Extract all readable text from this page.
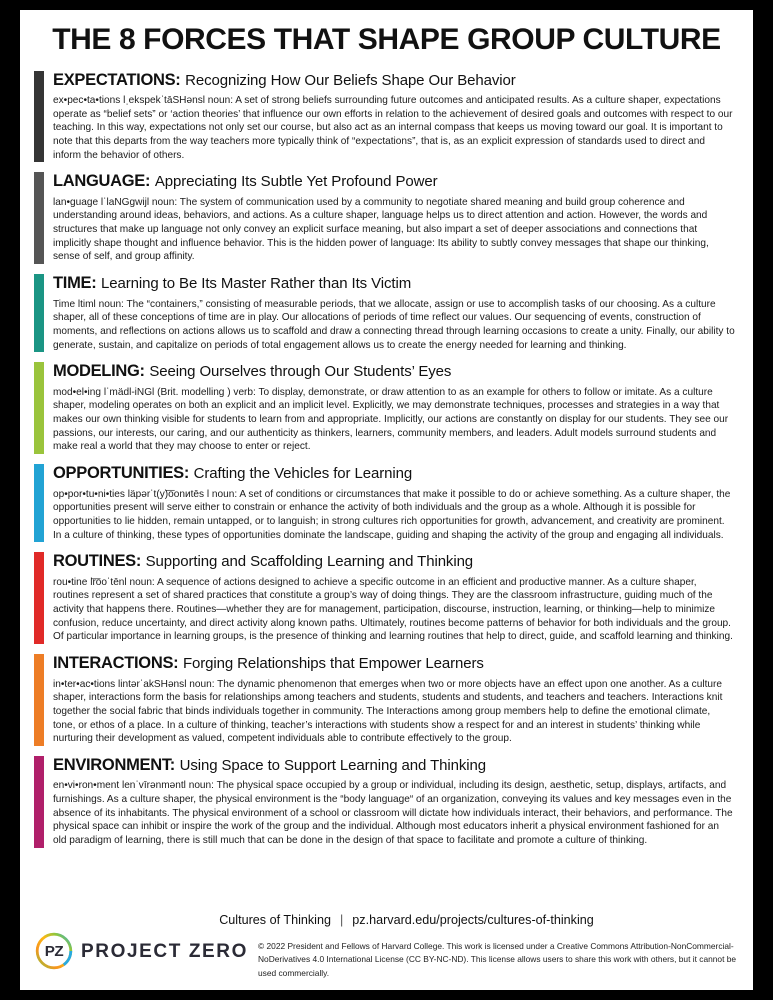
THE 8 FORCES THAT SHAPE GROUP CULTURE
EXPECTATIONS: Recognizing How Our Beliefs Shape Our Behavior

ex•pec•ta•tions lˌekspеkˈtāSHənsl noun: A set of strong beliefs surrounding future outcomes and anticipated results. As a culture shaper, expectations operate as “belief sets” or ‘action theories’ that influence our own efforts in relation to the achievement of desired goals and outcomes with respect to our teaching. In this way, expectations not only set our course, but also act as an internal compass that keeps us moving toward our goal. It is important to note that this departs from the way teachers more typically think of “expectations”, that is, as an explicit expression of standards used to direct and inform the behavior of others.

LANGUAGE: Appreciating Its Subtle Yet Profound Power

lan•guage lˈlaNGgwijl noun: The system of communication used by a community to negotiate shared meaning and build group coherence and understanding around ideas, behaviors, and actions. As a culture shaper, language helps us to direct attention and action. However, the words and structures that make up language not only convey an explicit surface meaning, but also impart a set of deeper associations and connections that implicitly shape thought and influence behavior. This is the hidden power of language: Its ability to subtly convey messages that shape our thinking, sense of self, and group affinity.

TIME: Learning to Be Its Master Rather than Its Victim

Time ltiml noun: The “containers,” consisting of measurable periods, that we allocate, assign or use to accomplish tasks of our choosing. As a culture shaper, all of these conceptions of time are in play. Our allocations of periods of time reflect our values. Our sequencing of events, construction of moments, and reflections on actions allows us to scaffold and draw a connecting thread through learning occasions to create a unity. Finally, our ability to generate, sustain, and capitalize on periods of total engagement allows us to create the energy needed for learning and thinking.

MODELING: Seeing Ourselves through Our Students’ Eyes

mod•el•ing lˈmädl-iNGl (Brit. modelling ) verb: To display, demonstrate, or draw attention to as an example for others to follow or imitate. As a culture shaper, modeling operates on both an explicit and an implicit level. Explicitly, we may demonstrate techniques, processes and strategies in a way that makes our own thinking visible for students to learn from and appropriate. Implicitly, our actions are constantly on display for our students. They see our passions, our interests, our caring, and our authenticity as thinkers, learners, community members, and leaders. Adult models surround students and make real a world that they may choose to enter or reject.

OPPORTUNITIES: Crafting the Vehicles for Learning

op•por•tu•ni•ties läpərˈt(y)͞ооnиtēs l noun: A set of conditions or circumstances that make it possible to do or achieve something. As a culture shaper, the opportunities present will serve either to constrain or enhance the activity of both individuals and the group as a whole. Although it is possible for opportunities to lie hidden, remain untapped, or to languish; in strong cultures rich opportunities for growth, advancement, and creativity are prominent. In a culture of thinking, these types of opportunities dominate the landscape, guiding and shaping the activity of the group and engaging all individuals.

ROUTINES: Supporting and Scaffolding Learning and Thinking

rou•tine lr͞ооˈtēnl noun: A sequence of actions designed to achieve a specific outcome in an efficient and productive manner. As a culture shaper, routines represent a set of shared practices that constitute a group’s way of doing things. They are the classroom infrastructure, guiding much of the activity that happens there. Routines—whether they are for management, participation, discourse, instruction, learning, or thinking—help to minimize confusion, reduce uncertainty, and direct activity along known paths. Ultimately, routines become patterns of behavior for both individuals and the group. Of particular importance in learning groups, is the presence of thinking and learning routines that help to direct, guide, and scaffold learning and thinking.

INTERACTIONS: Forging Relationships that Empower Learners

in•ter•ac•tions lintərˈakSHənsl noun: The dynamic phenomenon that emerges when two or more objects have an effect upon one another. As a culture shaper, interactions form the basis for relationships among teachers and students, students and students, and teachers and teachers. Interactions knit together the social fabric that binds individuals together in community. The Interactions among group members help to define the emotional climate, tone, or ethos of a place. In a culture of thinking, teacher’s interactions with students show a respect for and an interest in students’ thinking while nurturing their development as valued, competent individuals able to contribute effectively to the group.

ENVIRONMENT: Using Space to Support Learning and Thinking

en•vi•ron•ment lenˈvīrənməntl noun: The physical space occupied by a group or individual, including its design, aesthetic, setup, displays, artifacts, and furnishings. As a culture shaper, the physical environment is the “body language“ of an organization, conveying its values and key messages even in the absence of its inhabitants. The physical environment of a school or classroom will dictate how individuals interact, their behaviors, and performance. The physical space can inhibit or inspire the work of the group and the individual. Although most educators inherit a physical environment fashioned for an old paradigm of learning, there is still much that can be done in the design of that space to facilitate and promote a culture of thinking.

Cultures of Thinking | pz.harvard.edu/projects/cultures-of-thinking
PZ PROJECT ZERO © 2022 President and Fellows of Harvard College. This work is licensed under a Creative Commons Attribution-NonCommercial-
NoDerivatives 4.0 International License (CC BY-NC-ND). This license allows users to share this work with others, but it cannot be used commercially.
